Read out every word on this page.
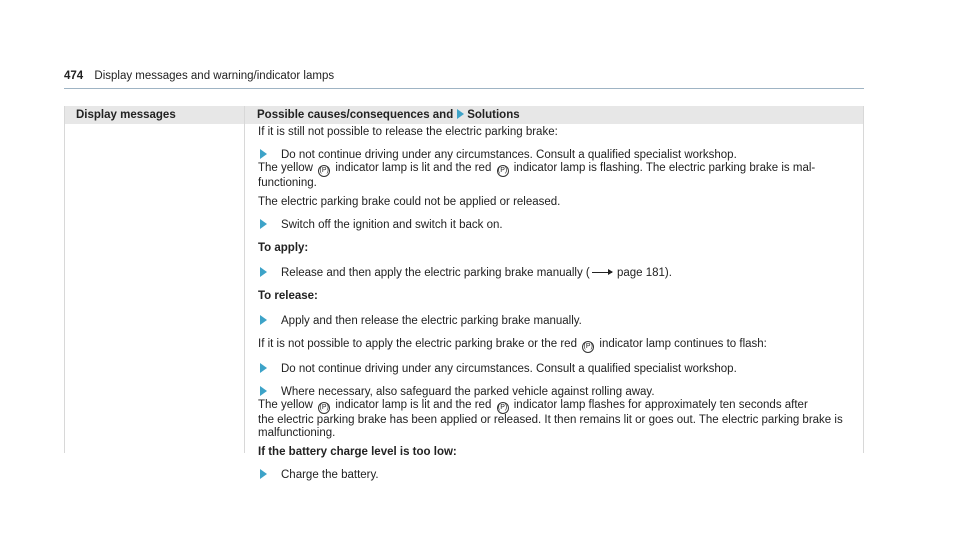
474 Display messages and warning/indicator lamps
Display messages	Possible causes/consequences and Solutions

If it is still not possible to release the electric parking brake:

Do not continue driving under any circumstances. Consult a qualified specialist workshop.

The yellow (P) indicator lamp is lit and the red (P) indicator lamp is flashing. The electric parking brake is mal-

functioning.

The electric parking brake could not be applied or released.

Switch off the ignition and switch it back on.

To apply:

Release and then apply the electric parking brake manually ( page 181).

To release:

Apply and then release the electric parking brake manually.

If it is not possible to apply the electric parking brake or the red (P) indicator lamp continues to flash:

Do not continue driving under any circumstances. Consult a qualified specialist workshop.

Where necessary, also safeguard the parked vehicle against rolling away.

The yellow (P) indicator lamp is lit and the red (P) indicator lamp flashes for approximately ten seconds after

the electric parking brake has been applied or released. It then remains lit or goes out. The electric parking brake is

malfunctioning.

If the battery charge level is too low:

Charge the battery.
